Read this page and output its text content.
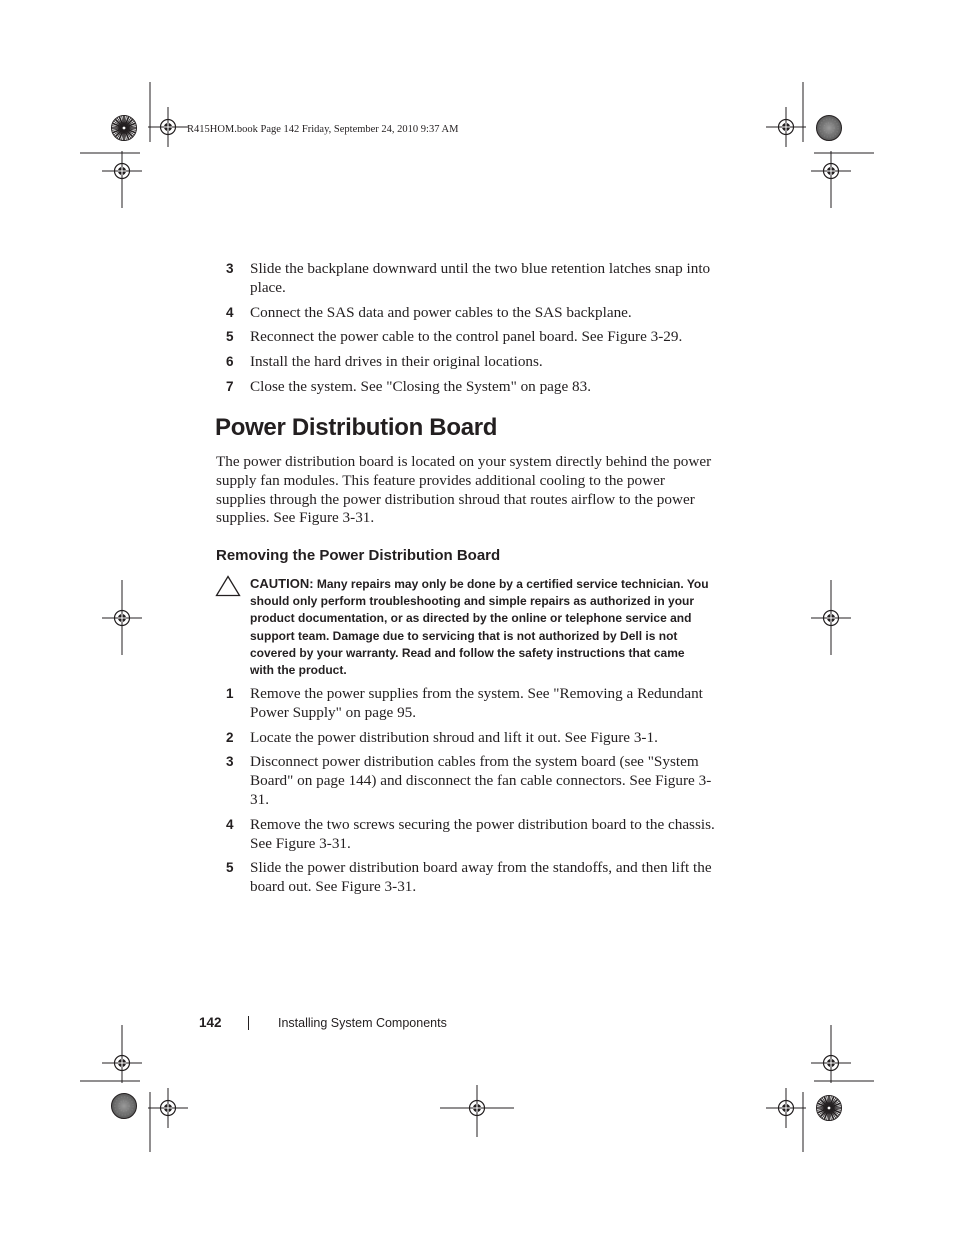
R415HOM.book Page 142 Friday, September 24, 2010 9:37 AM
3 Slide the backplane downward until the two blue retention latches snap into place.
4 Connect the SAS data and power cables to the SAS backplane.
5 Reconnect the power cable to the control panel board. See Figure 3-29.
6 Install the hard drives in their original locations.
7 Close the system. See "Closing the System" on page 83.
Power Distribution Board

The power distribution board is located on your system directly behind the power supply fan modules. This feature provides additional cooling to the power supplies through the power distribution shroud that routes airflow to the power supplies. See Figure 3-31.

Removing the Power Distribution Board

CAUTION: Many repairs may only be done by a certified service technician. You should only perform troubleshooting and simple repairs as authorized in your product documentation, or as directed by the online or telephone service and support team. Damage due to servicing that is not authorized by Dell is not covered by your warranty. Read and follow the safety instructions that came with the product.

1 Remove the power supplies from the system. See "Removing a Redundant Power Supply" on page 95.
2 Locate the power distribution shroud and lift it out. See Figure 3-1.
3 Disconnect power distribution cables from the system board (see "System Board" on page 144) and disconnect the fan cable connectors. See Figure 3-31.
4 Remove the two screws securing the power distribution board to the chassis. See Figure 3-31.
5 Slide the power distribution board away from the standoffs, and then lift the board out. See Figure 3-31.
142	Installing System Components
